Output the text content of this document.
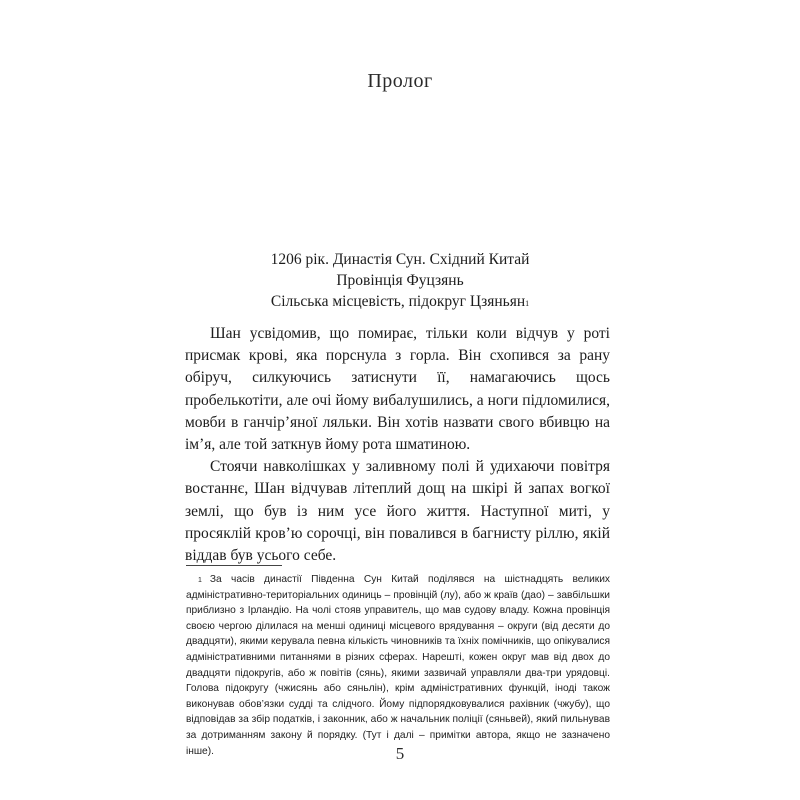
Пролог
1206 рік. Династія Сун. Східний Китай
Провінція Фуцзянь
Сільська місцевість, підокруг Цзяньян$^1$

Шан усвідомив, що помирає, тільки коли відчув у роті присмак крові, яка порснула з горла. Він схопився за рану обіруч, силкуючись затиснути її, намагаючись щось пробелькотіти, але очі йому вибалушились, а ноги підломилися, мовби в ганчір’яної ляльки. Він хотів назвати свого вбивцю на ім’я, але той заткнув йому рота шматиною.

Стоячи навколішках у заливному полі й удихаючи повітря востаннє, Шан відчував літеплий дощ на шкірі й запах вогкої землі, що був із ним усе його життя. Наступної миті, у просяклій кров’ю сорочці, він повалився в багнисту ріллю, якій віддав був усього себе.

$^1$ За часів династії Південна Сун Китай поділявся на шістнадцять великих адміністративно-територіальних одиниць – провінцій (лу), або ж країв (дао) – завбільшки приблизно з Ірландію. На чолі стояв управитель, що мав судову владу. Кожна провінція своєю чергою ділилася на менші одиниці місцевого врядування – округи (від десяти до двадцяти), якими керувала певна кількість чиновників та їхніх помічників, що опікувалися адміністративними питаннями в різних сферах. Нарешті, кожен округ мав від двох до двадцяти підокругів, або ж повітів (сянь), якими зазвичай управляли два-три урядовці. Голова підокругу (чжисянь або сяньлін), крім адміністративних функцій, іноді також виконував обов’язки судді та слідчого. Йому підпорядковувалися рахівник (чжубу), що відповідав за збір податків, і законник, або ж начальник поліції (сяньвей), який пильнував за дотриманням закону й порядку. (Тут і далі – примітки автора, якщо не зазначено інше).	5
